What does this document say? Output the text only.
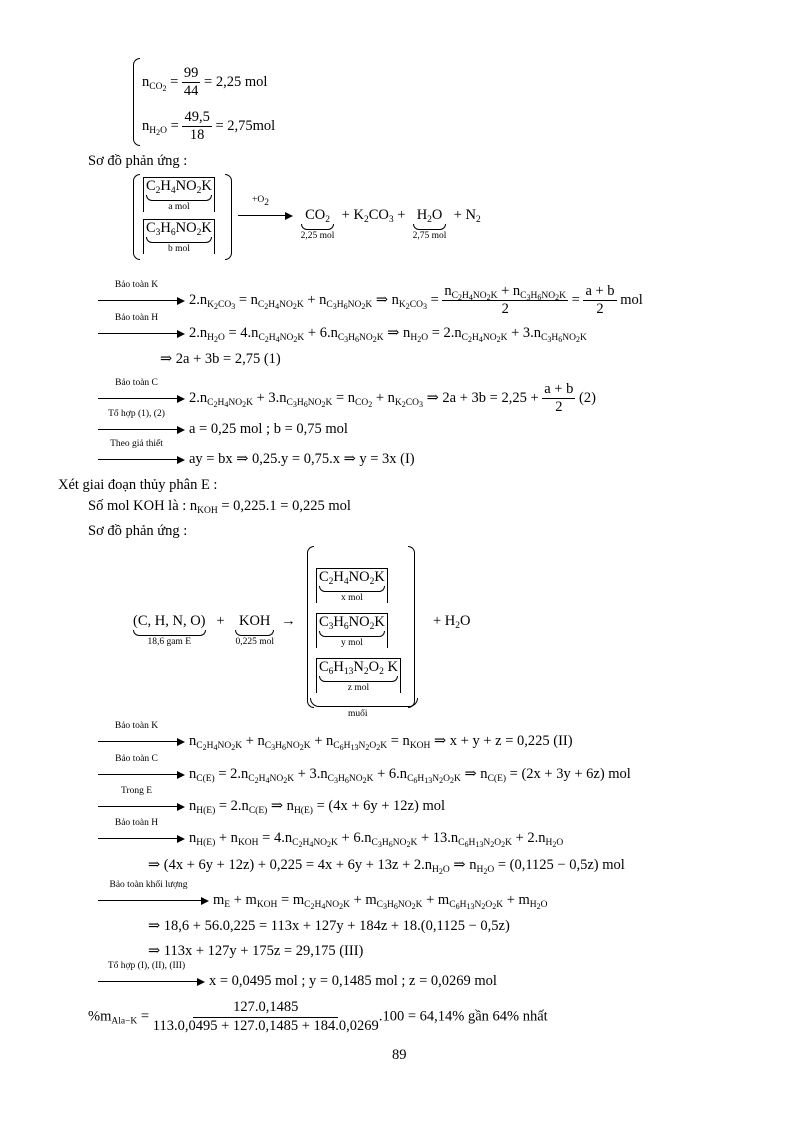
$n_{CO_2} = \frac{99}{44} = 2,25$ mol
$n_{H_2O} = \frac{49,5}{18} = 2,75mol$
Sơ đồ phản ứng :
$C_2H_4NO_2K$
a mol
$C_3H_6NO_2K$
b mol
$+O_2$

$CO_2$
2,25 mol
+ $K_2CO_3 + H_2O$
2,75 mol
+ $N_2$
Bảo toàn K
$2.n_{K_2CO_3} = n_{C_2H_4NO_2K} + n_{C_3H_6NO_2K}$ ⇒ $n_{K_2CO_3} = \frac{n_{C_2H_4NO_2K} + n_{C_3H_6NO_2K}}{2} = \frac{a + b}{2}$ mol
Bảo toàn H
$2.n_{H_2O} = 4.n_{C_2H_4NO_2K} + 6.n_{C_3H_6NO_2K}$ ⇒ $n_{H_2O} = 2.n_{C_2H_4NO_2K} + 3.n_{C_3H_6NO_2K}$
⇒ 2a + 3b = 2,75 (1)
Bảo toàn C
$2.n_{C_2H_4NO_2K} + 3.n_{C_3H_6NO_2K} = n_{CO_2} + n_{K_2CO_3}$ ⇒ $2a + 3b = 2,25 + \frac{a + b}{2} (2)$
Tổ hợp (1), (2)
a = 0,25 mol ; b = 0,75 mol
Theo giả thiết
ay = bx ⇒ 0,25.y = 0,75.x ⇒ y = 3x (I)
Xét giai đoạn thủy phân E :
Số mol KOH là : $n_{KOH} = 0,225.1 = 0,225$ mol
Sơ đồ phản ứng :
(C, H, N, O)
18,6 gam E
+ KOH
0,225 mol
→
$C_2H_4NO_2K$
x mol
$C_3H_6NO_2K$
y mol
$C_6H_{13}N_2O_2$ K
z mol
muối
+ $H_2O$
Bảo toàn K
$n_{C_2H_4NO_2K} + n_{C_3H_6NO_2K} + n_{C_6H_{13}N_2O_2K} = n_{KOH}$ ⇒ x + y + z = 0,225 (II)
Bảo toàn C
$n_{C(E)} = 2.n_{C_2H_4NO_2K} + 3.n_{C_3H_6NO_2K} + 6.n_{C_6H_{13}N_2O_2K}$ ⇒ $n_{C(E)} = (2x + 3y + 6z)$ mol
Trong E
$n_{H(E)} = 2.n_{C(E)}$ ⇒ $n_{H(E)} = (4x + 6y + 12z)$ mol
Bảo toàn H
$n_{H(E)} + n_{KOH} = 4.n_{C_2H_4NO_2K} + 6.n_{C_3H_6NO_2K} + 13.n_{C_6H_{13}N_2O_2K} + 2.n_{H_2O}$
⇒ $(4x + 6y + 12z) + 0,225 = 4x + 6y + 13z + 2.n_{H_2O}$ ⇒ $n_{H_2O} = (0,1125 - 0,5z)$ mol
Bảo toàn khối lượng
$m_E + m_{KOH} = m_{C_2H_4NO_2K} + m_{C_3H_6NO_2K} + m_{C_6H_{13}N_2O_2K} + m_{H_2O}$
⇒ 18,6 + 56.0,225 = 113x + 127y + 184z + 18.(0,1125 − 0,5z)
⇒ 113x + 127y + 175z = 29,175 (III)
Tổ hợp (I), (II), (III)
x = 0,0495 mol ; y = 0,1485 mol ; z = 0,0269 mol
$\%m_{Ala-K} = \frac{127.0,1485}{113.0,0495 + 127.0,1485 + 184.0,0269} .100 = 64,14\%$ gần 64% nhất
89
